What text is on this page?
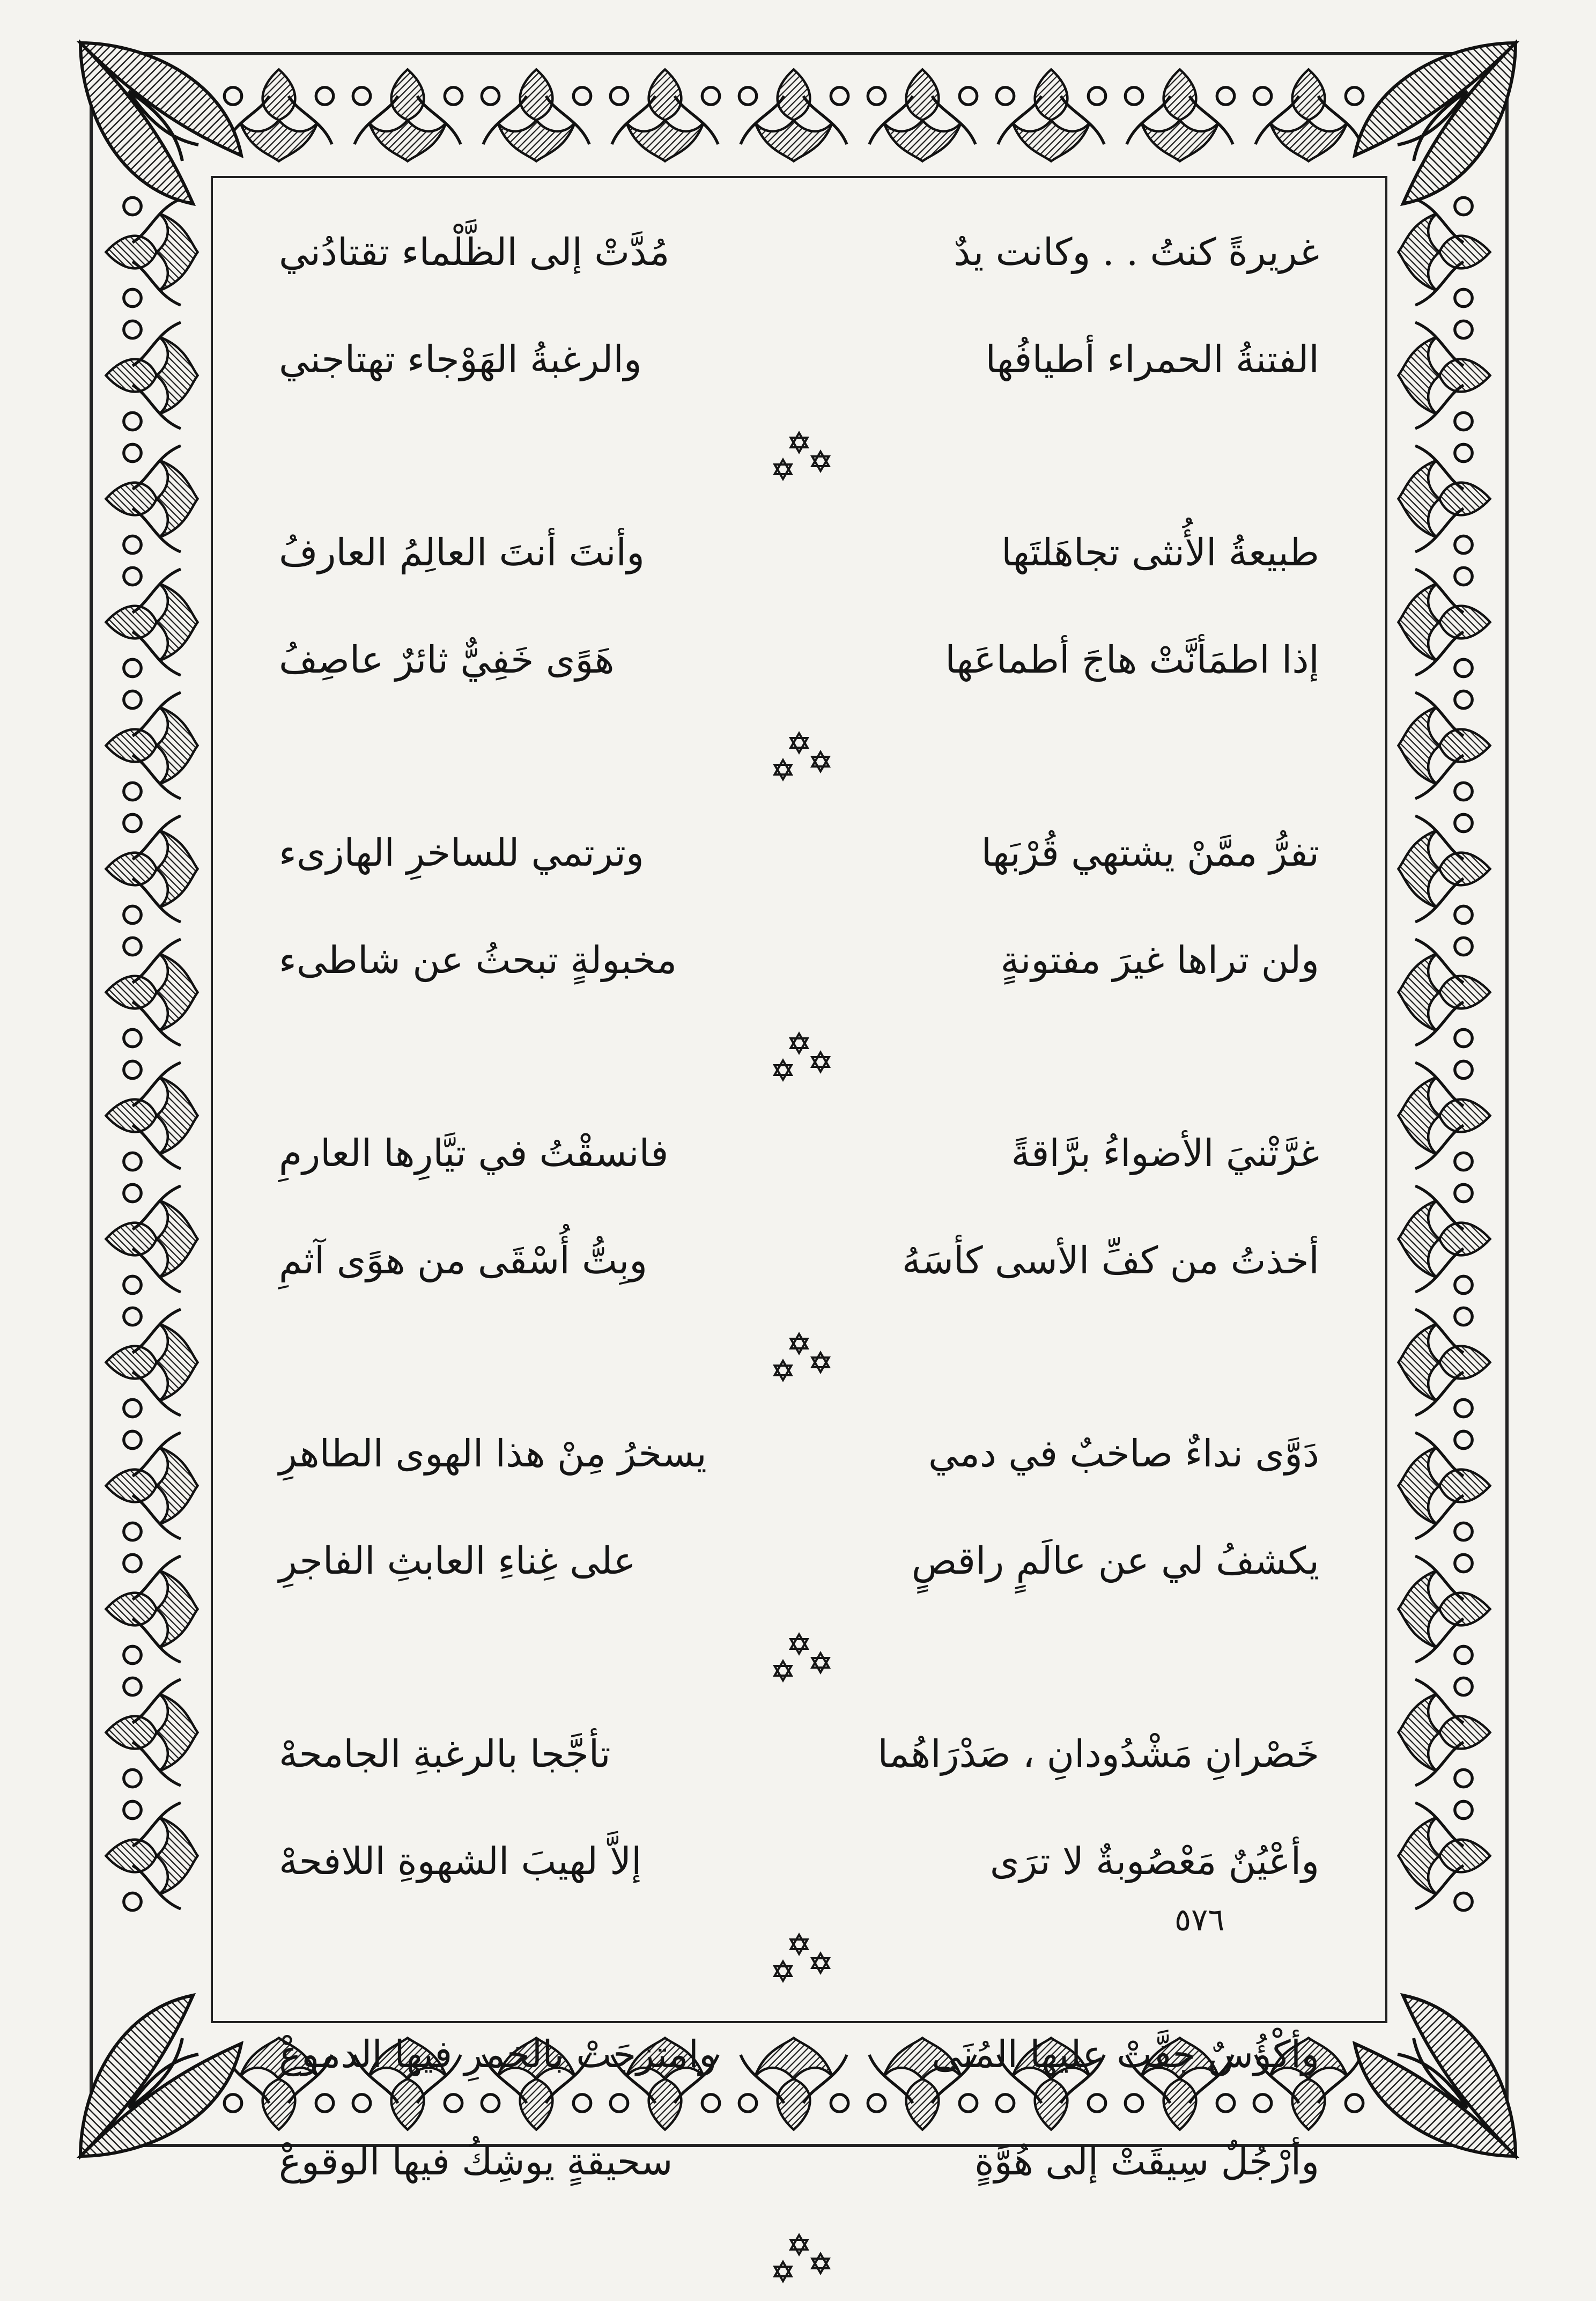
غريرةً كنتُ . . وكانت يدٌ
مُدَّتْ إلى الظَّلْماء تقتادُني
الفتنةُ الحمراء أطيافُها
والرغبةُ الهَوْجاء تهتاجني
طبيعةُ الأُنثى تجاهَلتَها
وأنتَ أنتَ العالِمُ العارفُ
إذا اطمَأنَّتْ هاجَ أطماعَها
هَوًى خَفِيٌّ ثائرٌ عاصِفُ
تفرُّ ممَّنْ يشتهي قُرْبَها
وترتمي للساخرِ الهازىء
ولن تراها غيرَ مفتونةٍ
مخبولةٍ تبحثُ عن شاطىء
غرَّتْنيَ الأضواءُ برَّاقةً
فانسقْتُ في تيَّارِها العارمِ
أخذتُ من كفِّ الأسى كأسَهُ
وبِتُّ أُسْقَى من هوًى آثمِ
دَوَّى نداءٌ صاخبٌ في دمي
يسخرُ مِنْ هذا الهوى الطاهرِ
يكشفُ لي عن عالَمٍ راقصٍ
على غِناءِ العابثِ الفاجرِ
خَصْرانِ مَشْدُودانِ ، صَدْرَاهُما
تأجَّجا بالرغبةِ الجامحهْ
وأعْيُنٌ مَعْصُوبةٌ لا ترَى
إلاَّ لهيبَ الشهوةِ اللافحهْ
وأكْؤُسٌ جفَّتْ عليها المُنَى
وامتزجَتْ بالخمرِ فيها الدموعْ
وأرْجُلٌ سِيقَتْ إلى هُوَّةٍ
سحيقةٍ يوشِكُ فيها الوقوعْ
٥٧٦
